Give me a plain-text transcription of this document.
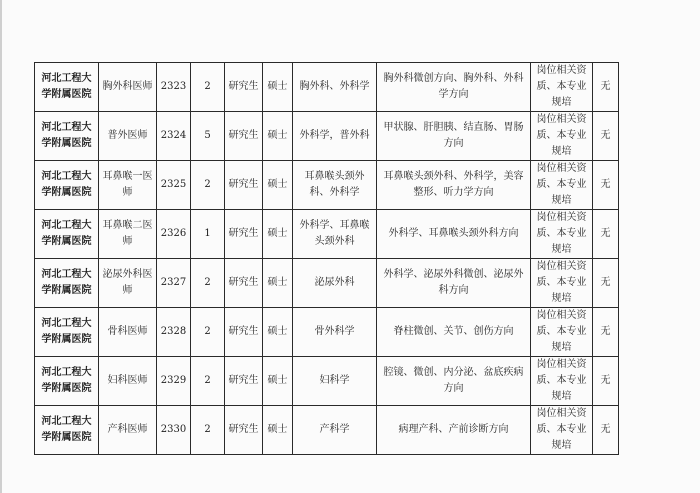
河北工程大学附属医院	胸外科医师	2323	2	研究生	硕士	胸外科、外科学	胸外科微创方向、胸外科、外科学方向	岗位相关资质、本专业规培	无
河北工程大学附属医院	普外医师	2324	5	研究生	硕士	外科学，普外科	甲状腺、肝胆胰、结直肠、胃肠方向	岗位相关资质、本专业规培	无
河北工程大学附属医院	耳鼻喉一医师	2325	2	研究生	硕士	耳鼻喉头颈外科、外科学	耳鼻喉头颈外科、外科学，美容整形、听力学方向	岗位相关资质、本专业规培	无
河北工程大学附属医院	耳鼻喉二医师	2326	1	研究生	硕士	外科学、耳鼻喉头颈外科	外科学、耳鼻喉头颈外科方向	岗位相关资质、本专业规培	无
河北工程大学附属医院	泌尿外科医师	2327	2	研究生	硕士	泌尿外科	外科学、泌尿外科微创、泌尿外科方向	岗位相关资质、本专业规培	无
河北工程大学附属医院	骨科医师	2328	2	研究生	硕士	骨外科学	脊柱微创、关节、创伤方向	岗位相关资质、本专业规培	无
河北工程大学附属医院	妇科医师	2329	2	研究生	硕士	妇科学	腔镜、微创、内分泌、盆底疾病方向	岗位相关资质、本专业规培	无
河北工程大学附属医院	产科医师	2330	2	研究生	硕士	产科学	病理产科、产前诊断方向	岗位相关资质、本专业规培	无
